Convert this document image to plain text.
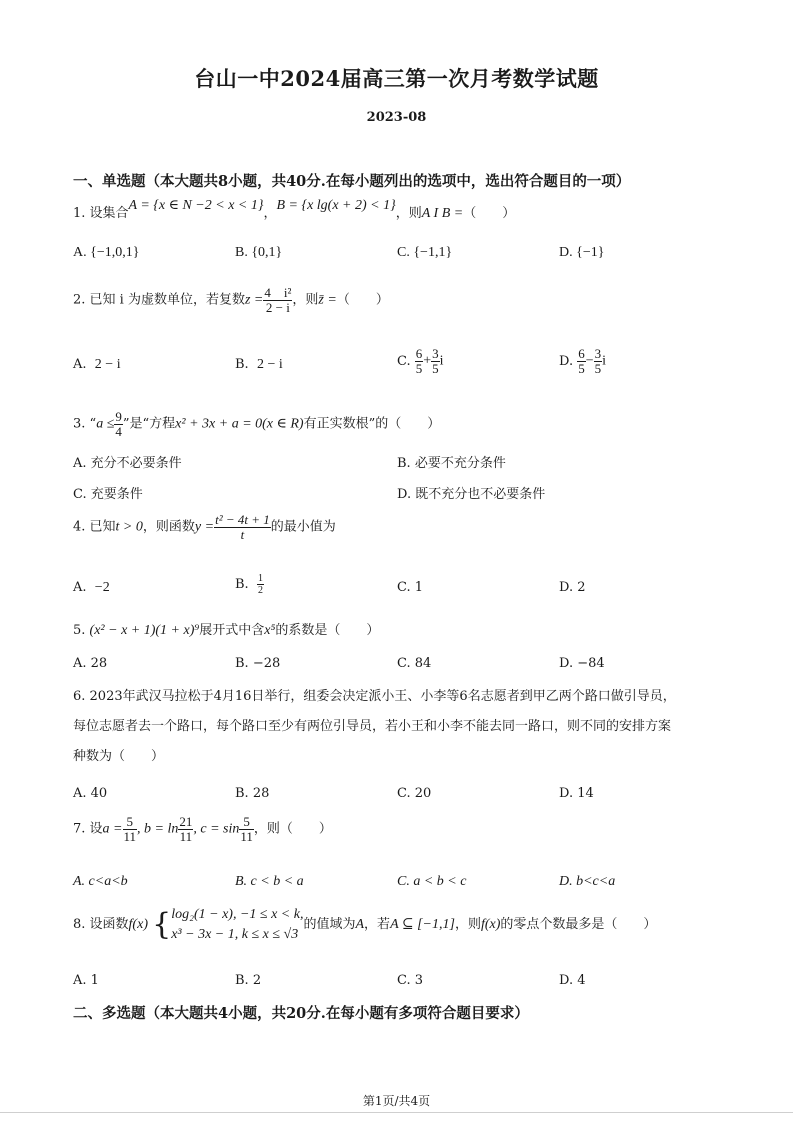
台山一中2024届高三第一次月考数学试题
2023-08
一、单选题（本大题共8小题，共40分.在每小题列出的选项中，选出符合题目的一项）
1. 设集合A = {x ∈ N −2 < x < 1}，B = {x lg(x + 2) < 1}，则A I B =（　　）
A. {−1,0,1}	B. {0,1}	C. {−1,1}	D. {−1}
2. 已知 i 为虚数单位，若复数$z = \frac{\text{4　i²}}{2 - i}$ ，则z̄ =（　　）
A. 2 − i	B. 2 − i	C. $\frac{6}{5} + \frac{3}{5}$ i	D. $\frac{6}{5} - \frac{3}{5}$ i
3. “$a \le \frac{9}{4}$ ”是“方程x² + 3x + a = 0(x ∈ R)有正实数根”的（　　）
A. 充分不必要条件	B. 必要不充分条件
C. 充要条件	D. 既不充分也不必要条件
4. 已知t > 0，则函数$y = \frac{\text{t² − 4t + 1}}{t}$ 的最小值为
A. −2	B. $\frac{1}{2}$	C. 1	D. 2
5. (x² − x + 1)(1 + x)⁹展开式中含x⁵的系数是（　　）
A. 28	B. −28	C. 84	D. −84
6. 2023年武汉马拉松于4月16日举行，组委会决定派小王、小李等6名志愿者到甲乙两个路口做引导员，
每位志愿者去一个路口，每个路口至少有两位引导员，若小王和小李不能去同一路口，则不同的安排方案
种数为（　　）
A. 40	B. 28	C. 20	D. 14
7. 设$a = \frac{5}{11}$ , $b = \ln \frac{21}{11}$ , $c = \sin \frac{5}{11}$ ，则（　　）
A. c<a<b	B. c < b < a	C. a < b < c	D. b<c<a
8. 设函数f(x) { log₂(1 − x), −1 ≤ x < k,
x³ − 3x − 1, k ≤ x ≤ √3
的值域为A，若A ⊆ [−1,1]，则f(x)的零点个数最多是（　　）
A. 1	B. 2	C. 3	D. 4
二、多选题（本大题共4小题，共20分.在每小题有多项符合题目要求）
第1页/共4页
